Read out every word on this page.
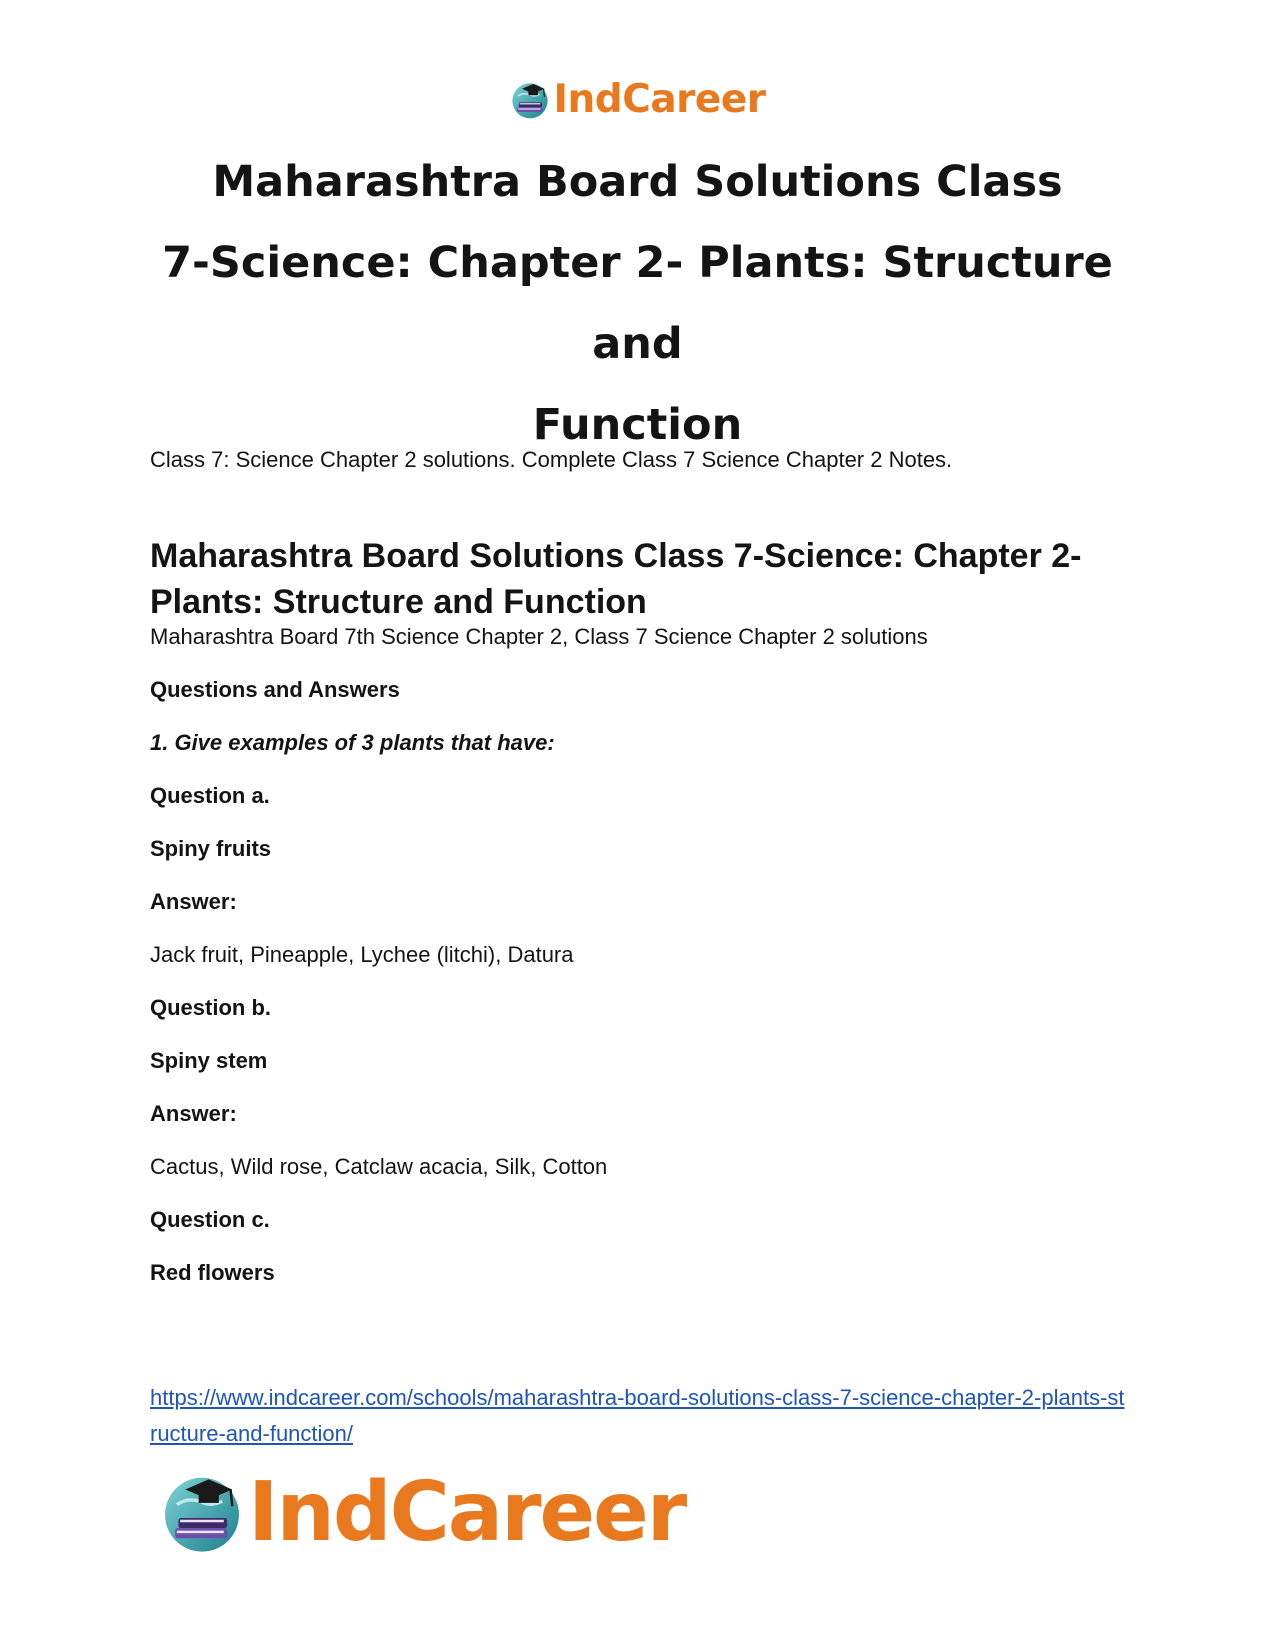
IndCareer
Maharashtra Board Solutions Class
7-Science: Chapter 2- Plants: Structure and
Function

Class 7: Science Chapter 2 solutions. Complete Class 7 Science Chapter 2 Notes.

Maharashtra Board Solutions Class 7-Science: Chapter 2- Plants: Structure and Function

Maharashtra Board 7th Science Chapter 2, Class 7 Science Chapter 2 solutions

Questions and Answers

1. Give examples of 3 plants that have:

Question a.

Spiny fruits

Answer:

Jack fruit, Pineapple, Lychee (litchi), Datura

Question b.

Spiny stem

Answer:

Cactus, Wild rose, Catclaw acacia, Silk, Cotton

Question c.

Red flowers

https://www.indcareer.com/schools/maharashtra-board-solutions-class-7-science-chapter-2-plants-structure-and-function/
IndCareer
